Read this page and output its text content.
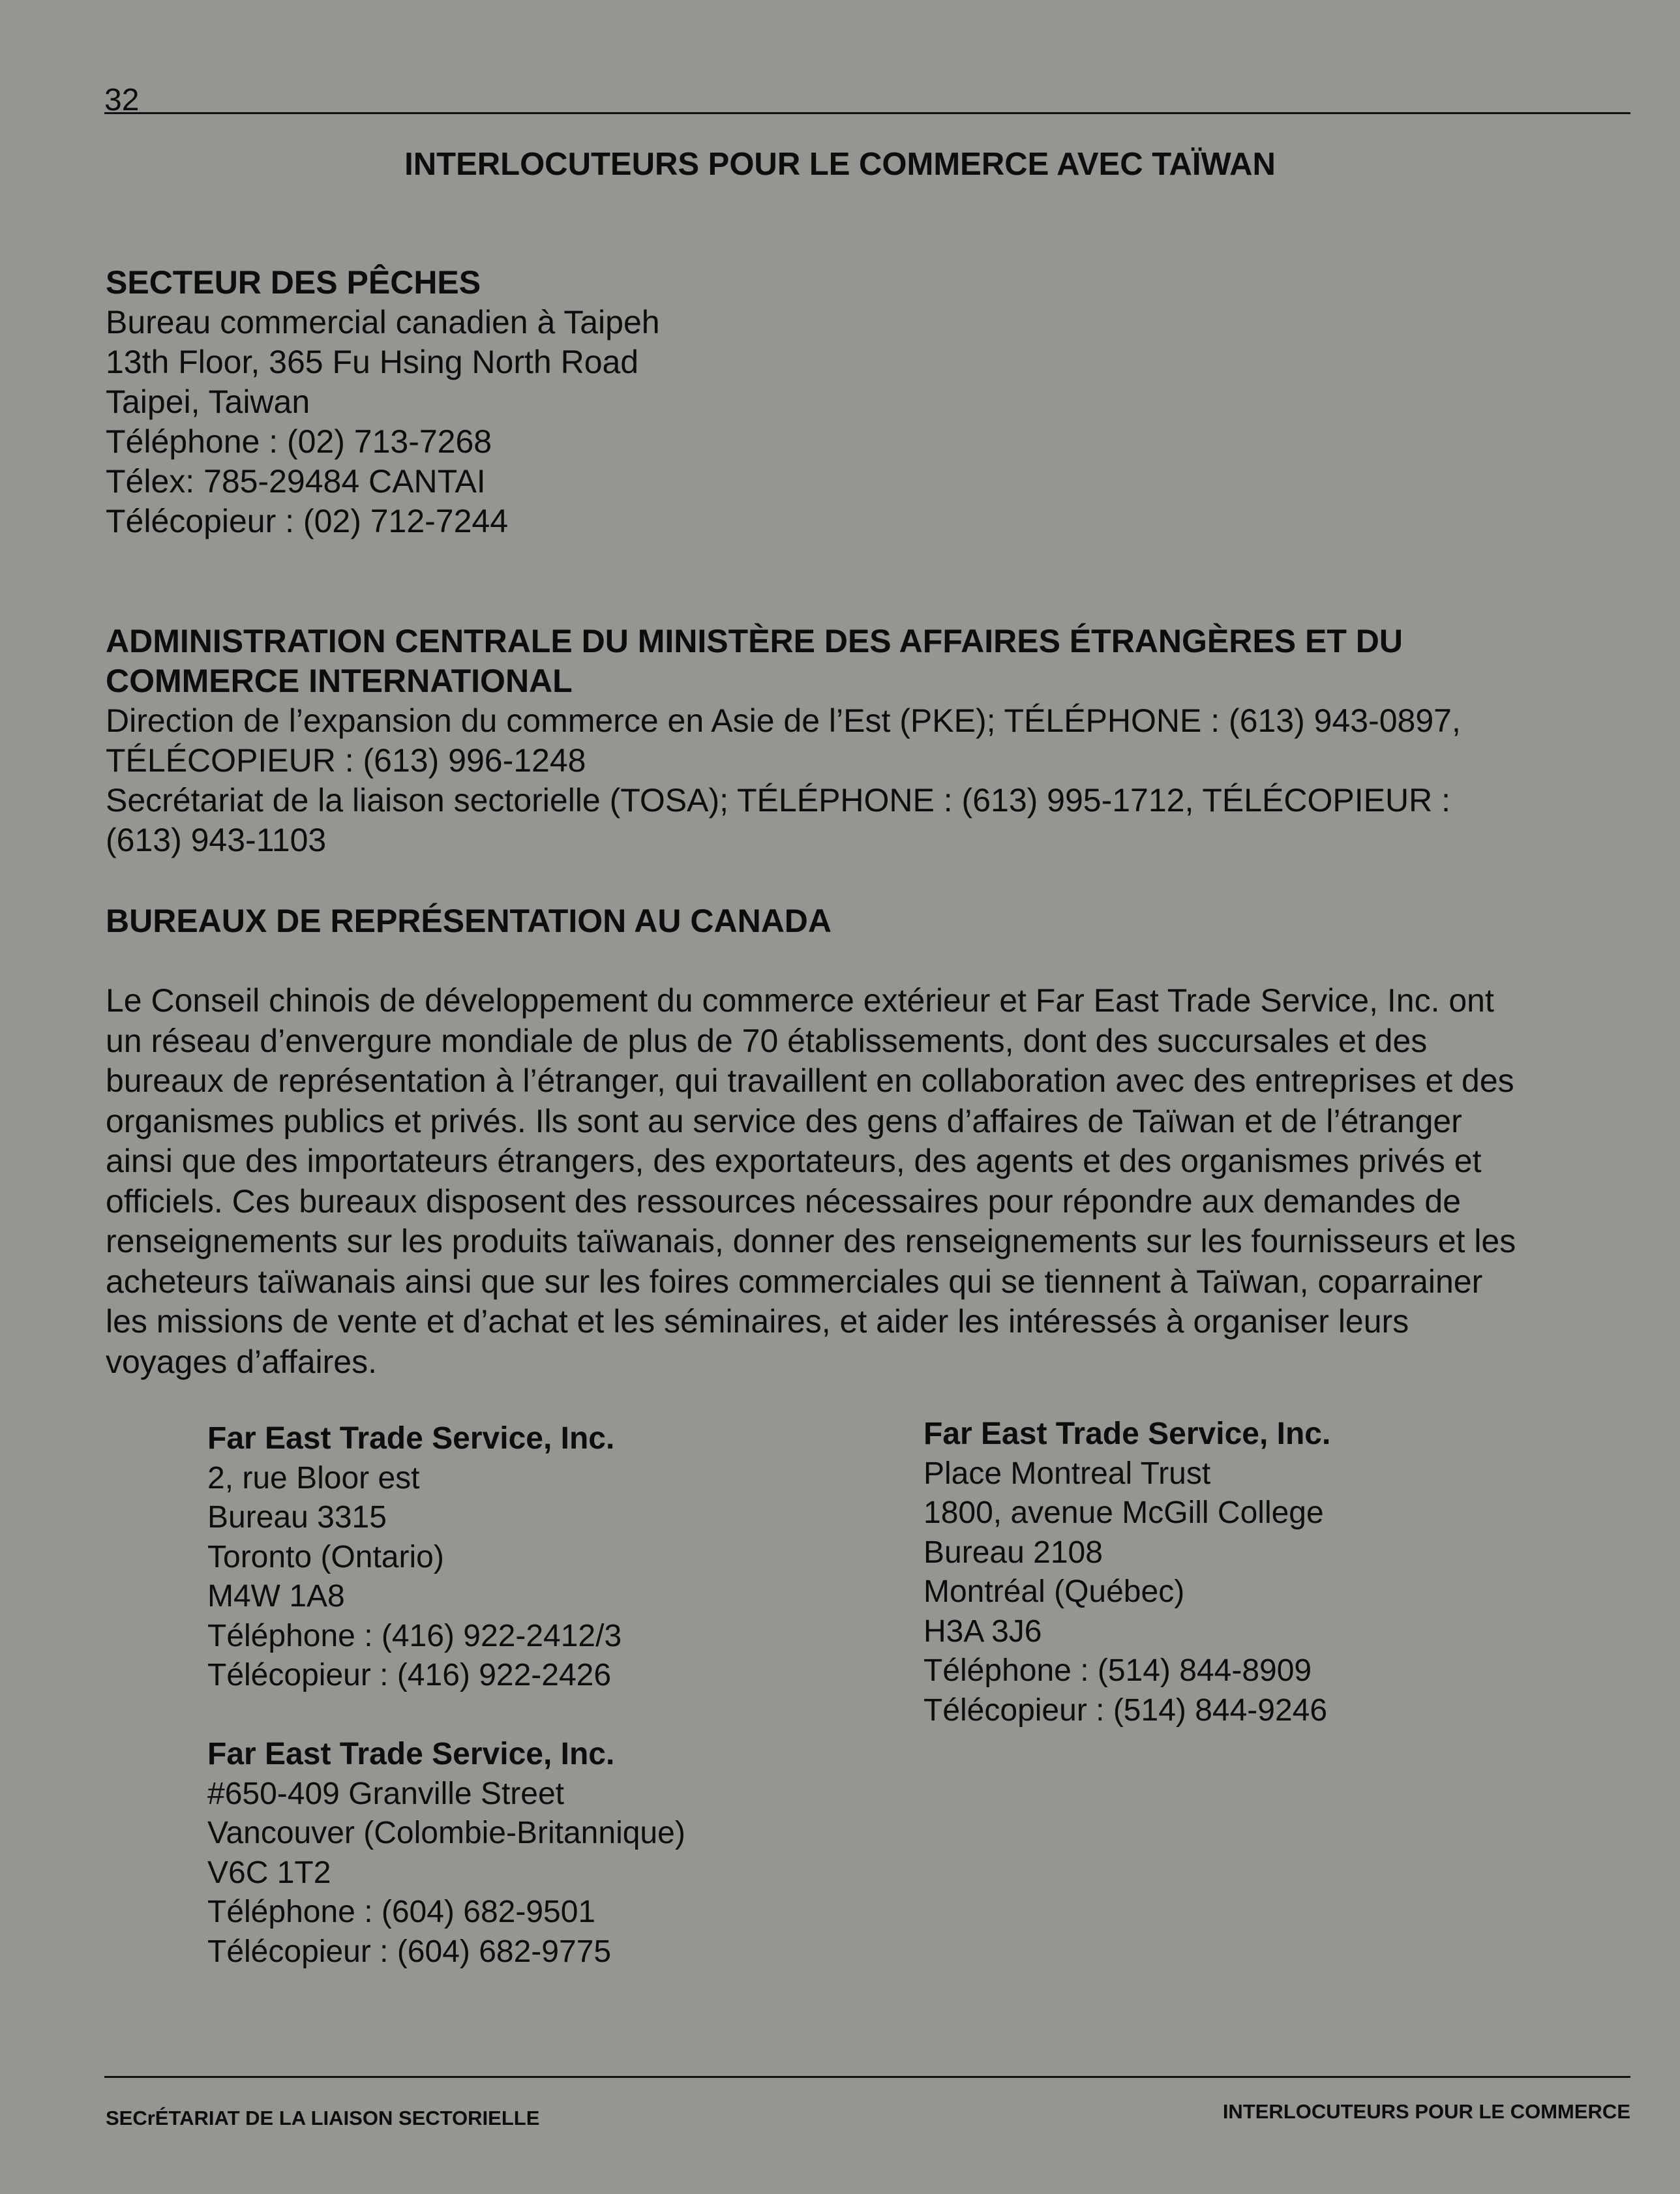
32
INTERLOCUTEURS POUR LE COMMERCE AVEC TAÏWAN
SECTEUR DES PÊCHES
Bureau commercial canadien à Taipeh
13th Floor, 365 Fu Hsing North Road
Taipei, Taiwan
Téléphone : (02) 713-7268
Télex: 785-29484 CANTAI
Télécopieur : (02) 712-7244
ADMINISTRATION CENTRALE DU MINISTÈRE DES AFFAIRES ÉTRANGÈRES ET DU
COMMERCE INTERNATIONAL
Direction de l’expansion du commerce en Asie de l’Est (PKE); TÉLÉPHONE : (613) 943-0897,
TÉLÉCOPIEUR : (613) 996-1248
Secrétariat de la liaison sectorielle (TOSA); TÉLÉPHONE : (613) 995-1712, TÉLÉCOPIEUR :
(613) 943-1103
BUREAUX DE REPRÉSENTATION AU CANADA
Le Conseil chinois de développement du commerce extérieur et Far East Trade Service, Inc. ont
un réseau d’envergure mondiale de plus de 70 établissements, dont des succursales et des
bureaux de représentation à l’étranger, qui travaillent en collaboration avec des entreprises et des
organismes publics et privés. Ils sont au service des gens d’affaires de Taïwan et de l’étranger
ainsi que des importateurs étrangers, des exportateurs, des agents et des organismes privés et
officiels. Ces bureaux disposent des ressources nécessaires pour répondre aux demandes de
renseignements sur les produits taïwanais, donner des renseignements sur les fournisseurs et les
acheteurs taïwanais ainsi que sur les foires commerciales qui se tiennent à Taïwan, coparrainer
les missions de vente et d’achat et les séminaires, et aider les intéressés à organiser leurs
voyages d’affaires.
Far East Trade Service, Inc.
2, rue Bloor est
Bureau 3315
Toronto (Ontario)
M4W 1A8
Téléphone : (416) 922-2412/3
Télécopieur : (416) 922-2426
Far East Trade Service, Inc.
Place Montreal Trust
1800, avenue McGill College
Bureau 2108
Montréal (Québec)
H3A 3J6
Téléphone : (514) 844-8909
Télécopieur : (514) 844-9246
Far East Trade Service, Inc.
#650-409 Granville Street
Vancouver (Colombie-Britannique)
V6C 1T2
Téléphone : (604) 682-9501
Télécopieur : (604) 682-9775
SECrÉTARIAT DE LA LIAISON SECTORIELLE	INTERLOCUTEURS POUR LE COMMERCE
